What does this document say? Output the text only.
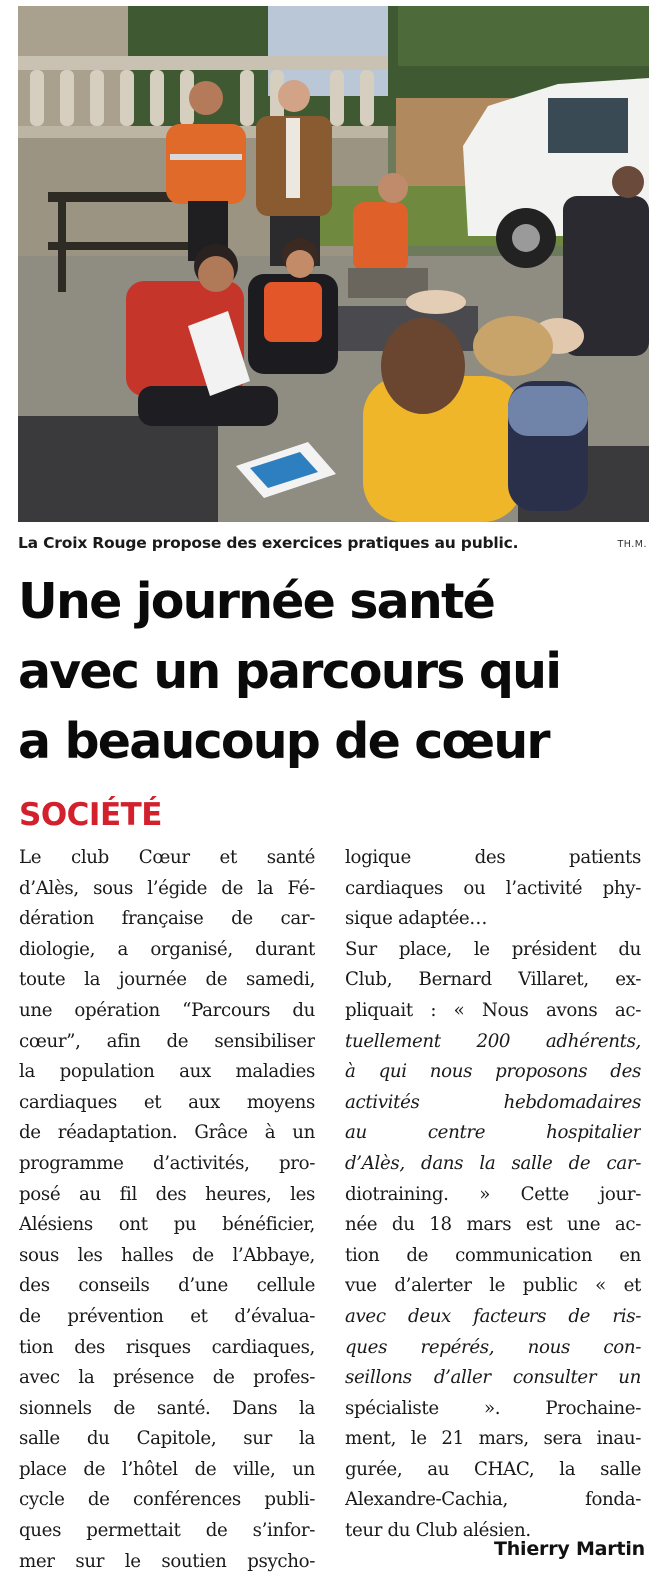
La Croix Rouge propose des exercices pratiques au public.	TH.M.
Une journée santé
avec un parcours qui
a beaucoup de cœur
SOCIÉTÉ
Le club Cœur et santé
d’Alès, sous l’égide de la Fé-
dération française de car-
diologie, a organisé, durant
toute la journée de samedi,
une opération “Parcours du
cœur”, afin de sensibiliser
la population aux maladies
cardiaques et aux moyens
de réadaptation. Grâce à un
programme d’activités, pro-
posé au fil des heures, les
Alésiens ont pu bénéficier,
sous les halles de l’Abbaye,
des conseils d’une cellule
de prévention et d’évalua-
tion des risques cardiaques,
avec la présence de profes-
sionnels de santé. Dans la
salle du Capitole, sur la
place de l’hôtel de ville, un
cycle de conférences publi-
ques permettait de s’infor-
mer sur le soutien psycho-
logique des patients
cardiaques ou l’activité phy-
sique adaptée…
Sur place, le président du
Club, Bernard Villaret, ex-
pliquait : « Nous avons ac-
tuellement 200 adhérents,
à qui nous proposons des
activités hebdomadaires
au centre hospitalier
d’Alès, dans la salle de car-
diotraining. » Cette jour-
née du 18 mars est une ac-
tion de communication en
vue d’alerter le public « et
avec deux facteurs de ris-
ques repérés, nous con-
seillons d’aller consulter un
spécialiste ». Prochaine-
ment, le 21 mars, sera inau-
gurée, au CHAC, la salle
Alexandre-Cachia, fonda-
teur du Club alésien.
Thierry Martin
